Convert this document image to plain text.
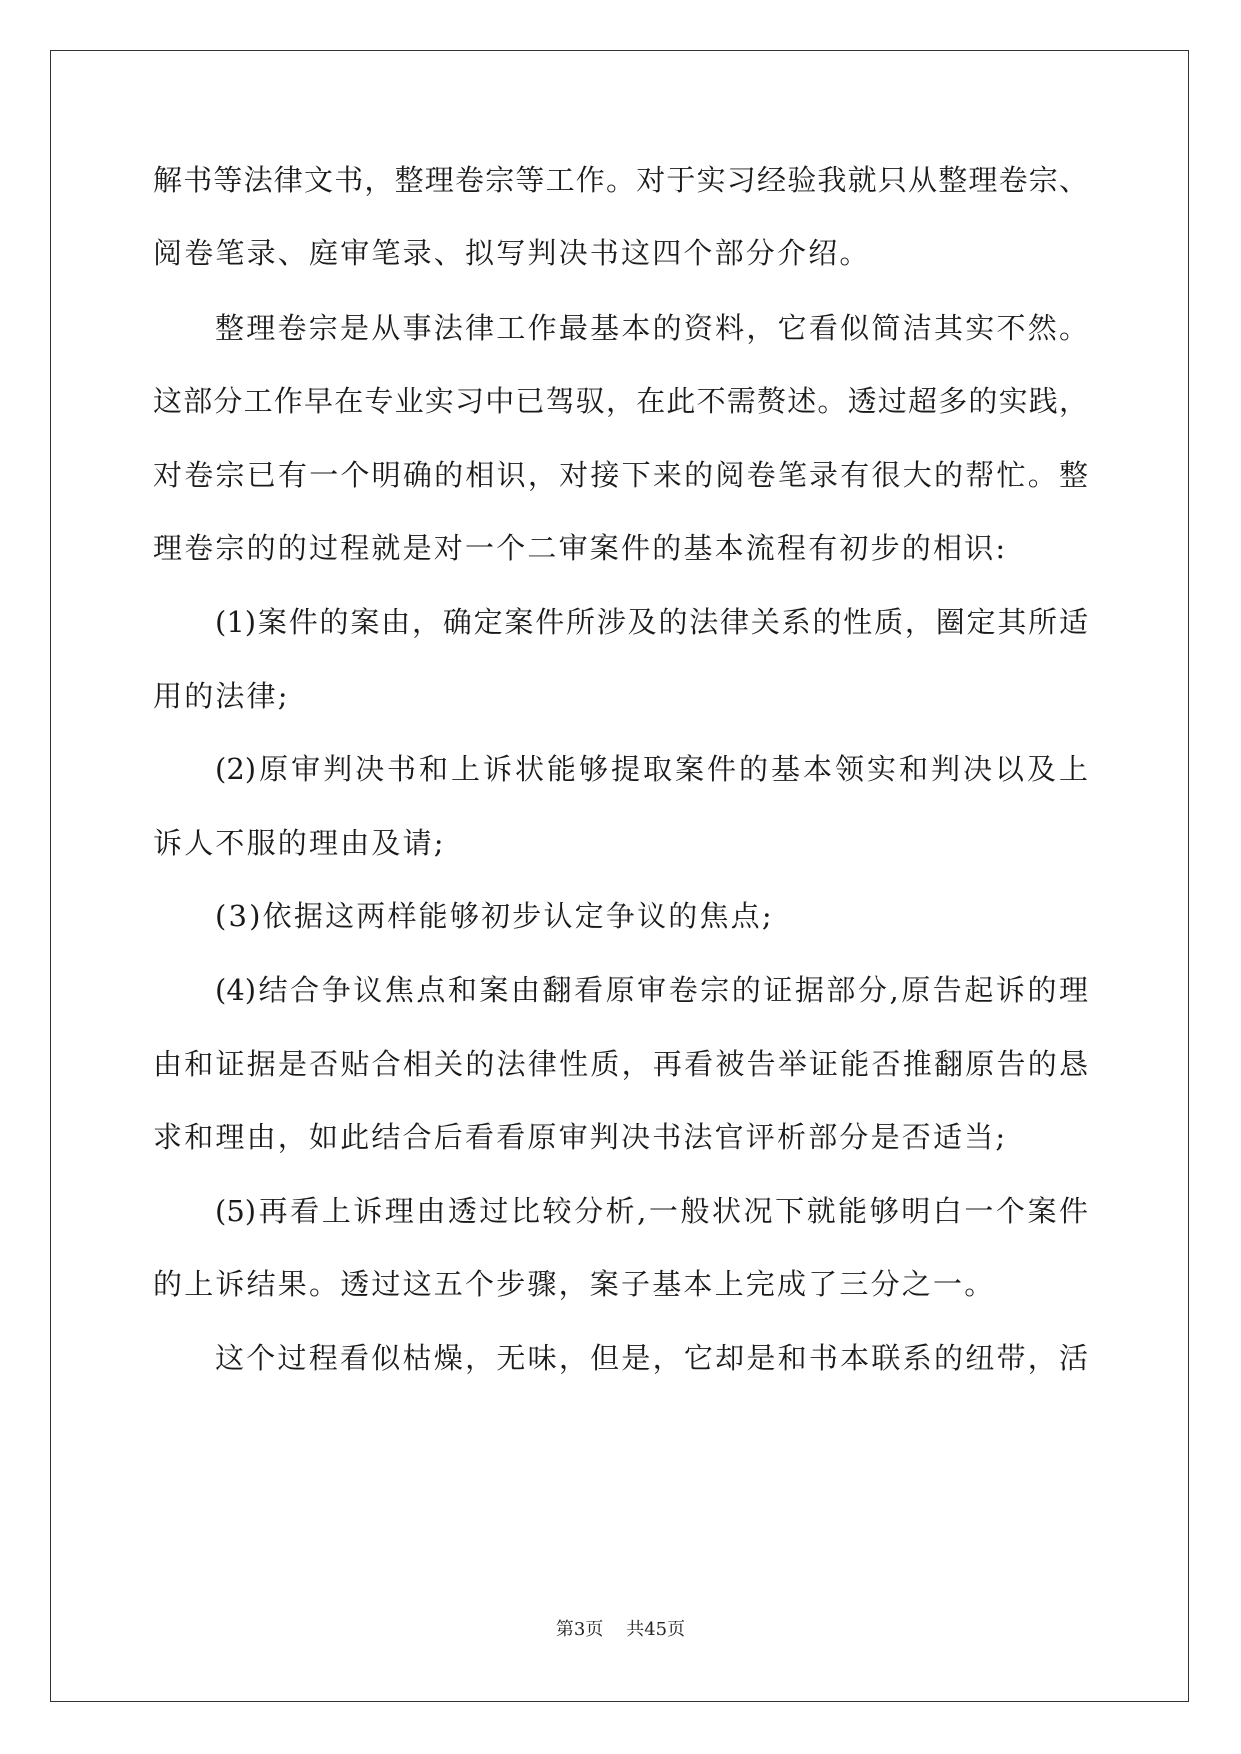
解书等法律文书，整理卷宗等工作。对于实习经验我就只从整理卷宗、
阅卷笔录、庭审笔录、拟写判决书这四个部分介绍。
整理卷宗是从事法律工作最基本的资料，它看似简洁其实不然。
这部分工作早在专业实习中已驾驭，在此不需赘述。透过超多的实践，
对卷宗已有一个明确的相识，对接下来的阅卷笔录有很大的帮忙。整
理卷宗的的过程就是对一个二审案件的基本流程有初步的相识:
(1)案件的案由，确定案件所涉及的法律关系的性质，圈定其所适
用的法律;
(2)原审判决书和上诉状能够提取案件的基本领实和判决以及上
诉人不服的理由及请;
(3)依据这两样能够初步认定争议的焦点;
(4)结合争议焦点和案由翻看原审卷宗的证据部分,原告起诉的理
由和证据是否贴合相关的法律性质，再看被告举证能否推翻原告的恳
求和理由，如此结合后看看原审判决书法官评析部分是否适当;
(5)再看上诉理由透过比较分析,一般状况下就能够明白一个案件
的上诉结果。透过这五个步骤，案子基本上完成了三分之一。
这个过程看似枯燥，无味，但是，它却是和书本联系的纽带，活
第3页 共45页
